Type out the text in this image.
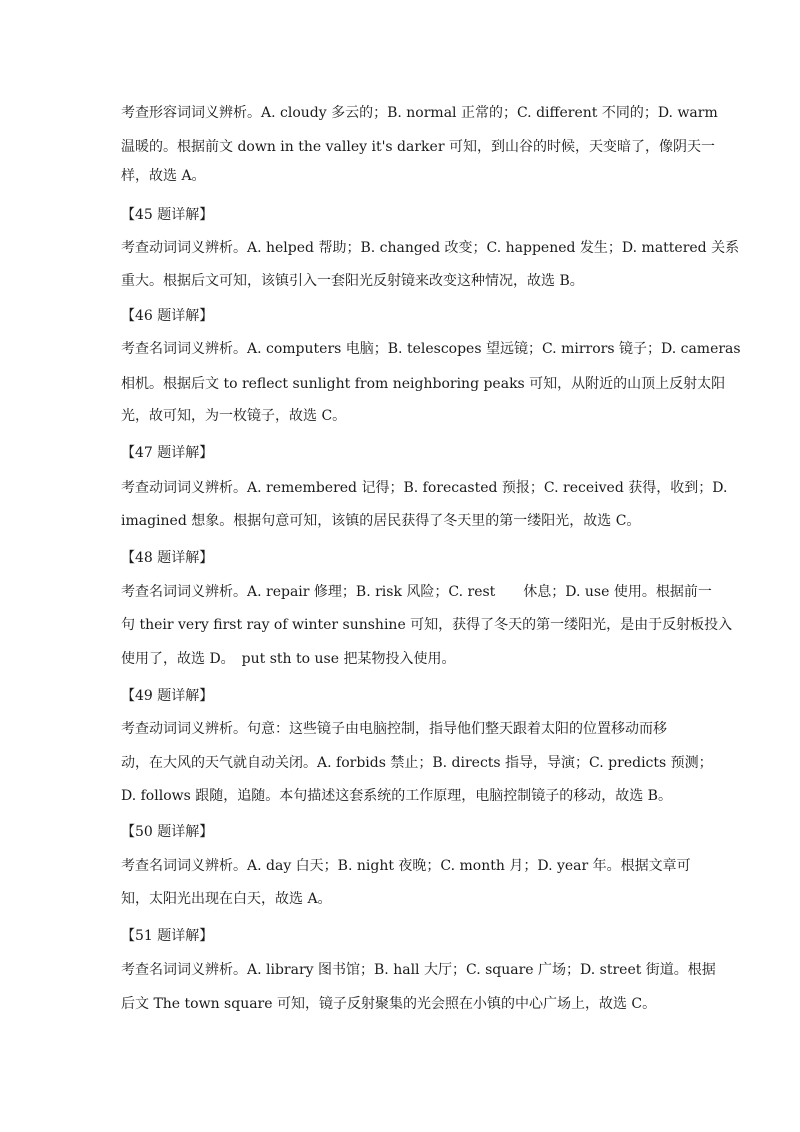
考查形容词词义辨析。A. cloudy 多云的；B. normal 正常的；C. different 不同的；D. warm
温暖的。根据前文 down in the valley it's darker 可知，到山谷的时候，天变暗了，像阴天一
样，故选 A。
【45 题详解】
考查动词词义辨析。A. helped 帮助；B. changed 改变；C. happened 发生；D. mattered 关系
重大。根据后文可知，该镇引入一套阳光反射镜来改变这种情况，故选 B。
【46 题详解】
考查名词词义辨析。A. computers 电脑；B. telescopes 望远镜；C. mirrors 镜子；D. cameras
相机。根据后文 to reflect sunlight from neighboring peaks 可知，从附近的山顶上反射太阳
光，故可知，为一枚镜子，故选 C。
【47 题详解】
考查动词词义辨析。A. remembered 记得；B. forecasted 预报；C. received 获得，收到；D.
imagined 想象。根据句意可知，该镇的居民获得了冬天里的第一缕阳光，故选 C。
【48 题详解】
考查名词词义辨析。A. repair 修理；B. risk 风险；C. rest　　休息；D. use 使用。根据前一
句 their very first ray of winter sunshine 可知，获得了冬天的第一缕阳光，是由于反射板投入
使用了，故选 D。　put sth to use 把某物投入使用。
【49 题详解】
考查动词词义辨析。句意：这些镜子由电脑控制，指导他们整天跟着太阳的位置移动而移
动，在大风的天气就自动关闭。A. forbids 禁止；B. directs 指导，导演；C. predicts 预测；
D. follows 跟随，追随。本句描述这套系统的工作原理，电脑控制镜子的移动，故选 B。
【50 题详解】
考查名词词义辨析。A. day 白天；B. night 夜晚；C. month 月；D. year 年。根据文章可
知，太阳光出现在白天，故选 A。
【51 题详解】
考查名词词义辨析。A. library 图书馆；B. hall 大厅；C. square 广场；D. street 街道。根据
后文 The town square 可知，镜子反射聚集的光会照在小镇的中心广场上，故选 C。
